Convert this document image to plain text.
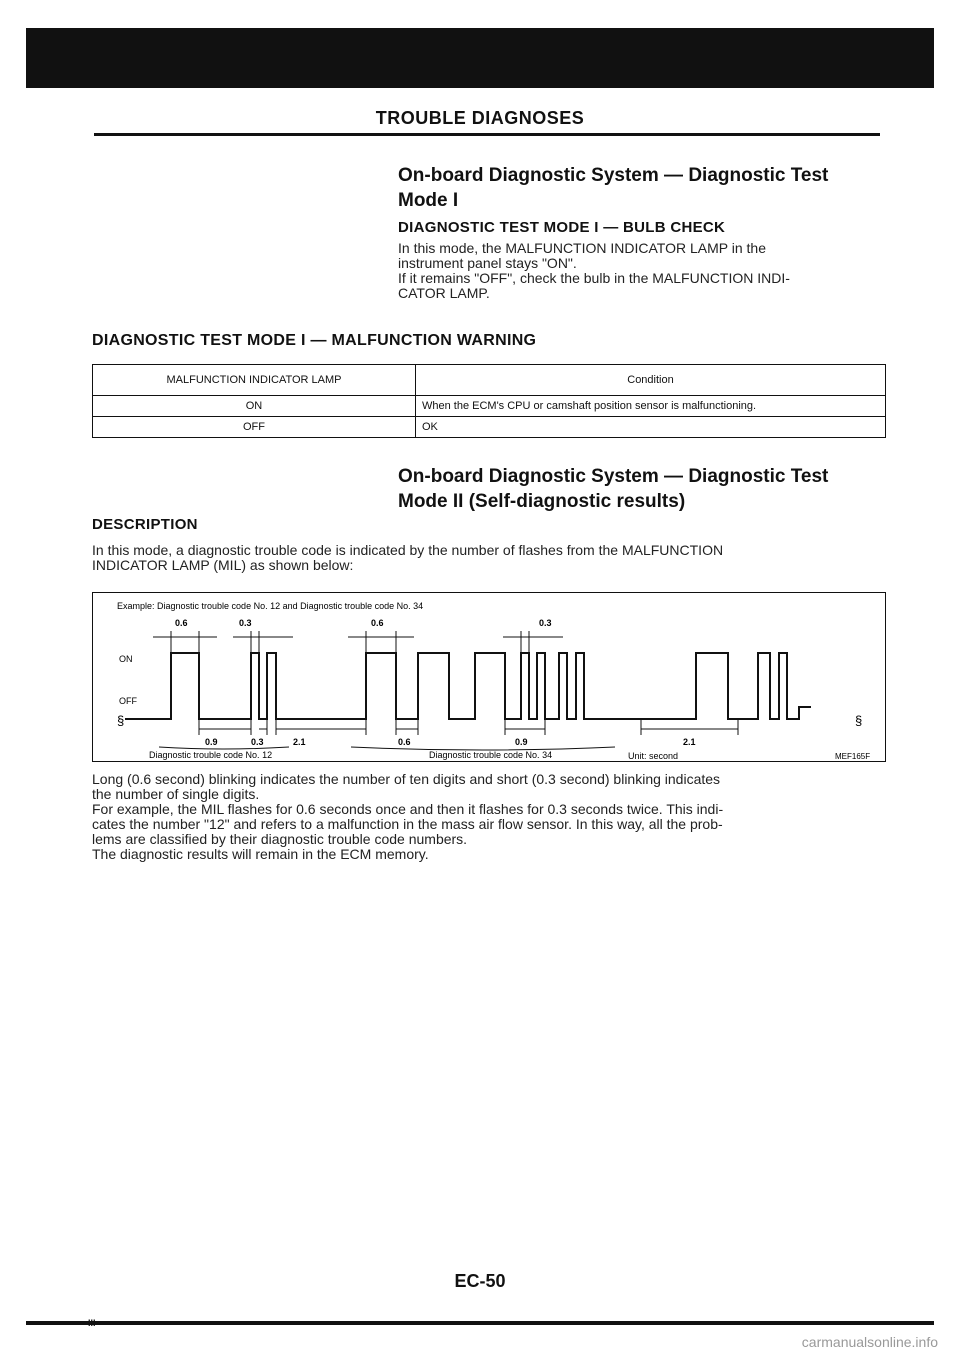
TROUBLE DIAGNOSES
On-board Diagnostic System — Diagnostic Test
Mode I
DIAGNOSTIC TEST MODE I — BULB CHECK

In this mode, the MALFUNCTION INDICATOR LAMP in the

instrument panel stays "ON".

If it remains "OFF", check the bulb in the MALFUNCTION INDI-

CATOR LAMP.

DIAGNOSTIC TEST MODE I — MALFUNCTION WARNING
MALFUNCTION INDICATOR LAMP	Condition
ON	When the ECM's CPU or camshaft position sensor is malfunctioning.
OFF	OK
On-board Diagnostic System — Diagnostic Test
Mode II (Self-diagnostic results)
DESCRIPTION

In this mode, a diagnostic trouble code is indicated by the number of flashes from the MALFUNCTION

INDICATOR LAMP (MIL) as shown below:

Example: Diagnostic trouble code No. 12 and Diagnostic trouble code No. 34
ON
OFF
§	§
0.6	0.3	0.6	0.3
0.9	0.3	2.1	0.6	0.9	2.1
Diagnostic trouble code No. 12	Diagnostic trouble code No. 34	Unit: second	MEF165F

Long (0.6 second) blinking indicates the number of ten digits and short (0.3 second) blinking indicates

the number of single digits.

For example, the MIL flashes for 0.6 seconds once and then it flashes for 0.3 seconds twice. This indi-

cates the number "12" and refers to a malfunction in the mass air flow sensor. In this way, all the prob-

lems are classified by their diagnostic trouble code numbers.

The diagnostic results will remain in the ECM memory.

EC-50
III
carmanualsonline.info
